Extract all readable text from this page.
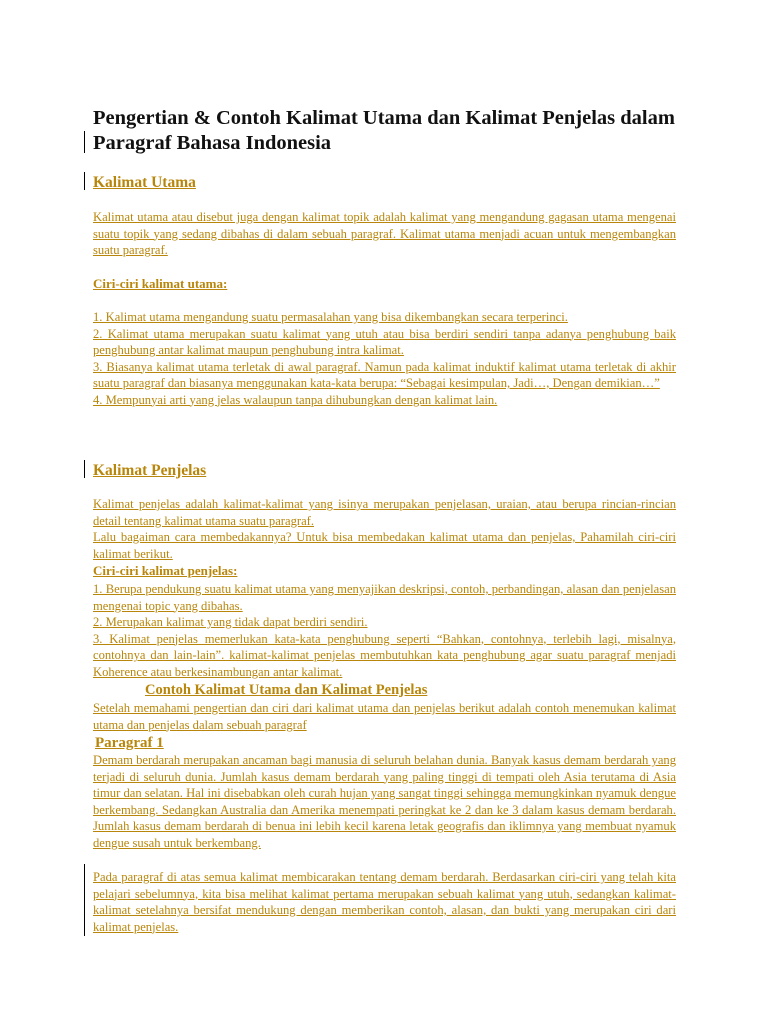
Pengertian & Contoh Kalimat Utama dan Kalimat Penjelas dalam Paragraf Bahasa Indonesia
Kalimat Utama
Kalimat utama atau disebut juga dengan kalimat topik adalah kalimat yang mengandung gagasan utama mengenai suatu topik yang sedang dibahas di dalam sebuah paragraf. Kalimat utama menjadi acuan untuk mengembangkan suatu paragraf.
Ciri-ciri kalimat utama:
1. Kalimat utama mengandung suatu permasalahan yang bisa dikembangkan secara terperinci.
2. Kalimat utama merupakan suatu kalimat yang utuh atau bisa berdiri sendiri tanpa adanya penghubung baik penghubung antar kalimat maupun penghubung intra kalimat.
3. Biasanya kalimat utama terletak di awal paragraf. Namun pada kalimat induktif kalimat utama terletak di akhir suatu paragraf dan biasanya menggunakan kata-kata berupa: “Sebagai kesimpulan, Jadi…, Dengan demikian…”
4. Mempunyai arti yang jelas walaupun tanpa dihubungkan dengan kalimat lain.
Kalimat Penjelas
Kalimat penjelas adalah kalimat-kalimat yang isinya merupakan penjelasan, uraian, atau berupa rincian-rincian detail tentang kalimat utama suatu paragraf.
Lalu bagaiman cara membedakannya? Untuk bisa membedakan kalimat utama dan penjelas, Pahamilah ciri-ciri kalimat berikut.
Ciri-ciri kalimat penjelas:
1. Berupa pendukung suatu kalimat utama yang menyajikan deskripsi, contoh, perbandingan, alasan dan penjelasan mengenai topic yang dibahas.
2. Merupakan kalimat yang tidak dapat berdiri sendiri.
3. Kalimat penjelas memerlukan kata-kata penghubung seperti “Bahkan, contohnya, terlebih lagi, misalnya, contohnya dan lain-lain”. kalimat-kalimat penjelas membutuhkan kata penghubung agar suatu paragraf menjadi Koherence atau berkesinambungan antar kalimat.
Contoh Kalimat Utama dan Kalimat Penjelas
Setelah memahami pengertian dan ciri dari kalimat utama dan penjelas berikut adalah contoh menemukan kalimat utama dan penjelas dalam sebuah paragraf
Paragraf 1
Demam berdarah merupakan ancaman bagi manusia di seluruh belahan dunia. Banyak kasus demam berdarah yang terjadi di seluruh dunia. Jumlah kasus demam berdarah yang paling tinggi di tempati oleh Asia terutama di Asia timur dan selatan. Hal ini disebabkan oleh curah hujan yang sangat tinggi sehingga memungkinkan nyamuk dengue berkembang. Sedangkan Australia dan Amerika menempati peringkat ke 2 dan ke 3 dalam kasus demam berdarah. Jumlah kasus demam berdarah di benua ini lebih kecil karena letak geografis dan iklimnya yang membuat nyamuk dengue susah untuk berkembang.
Pada paragraf di atas semua kalimat membicarakan tentang demam berdarah. Berdasarkan ciri-ciri yang telah kita pelajari sebelumnya, kita bisa melihat kalimat pertama merupakan sebuah kalimat yang utuh, sedangkan kalimat-kalimat setelahnya bersifat mendukung dengan memberikan contoh, alasan, dan bukti yang merupakan ciri dari kalimat penjelas.
